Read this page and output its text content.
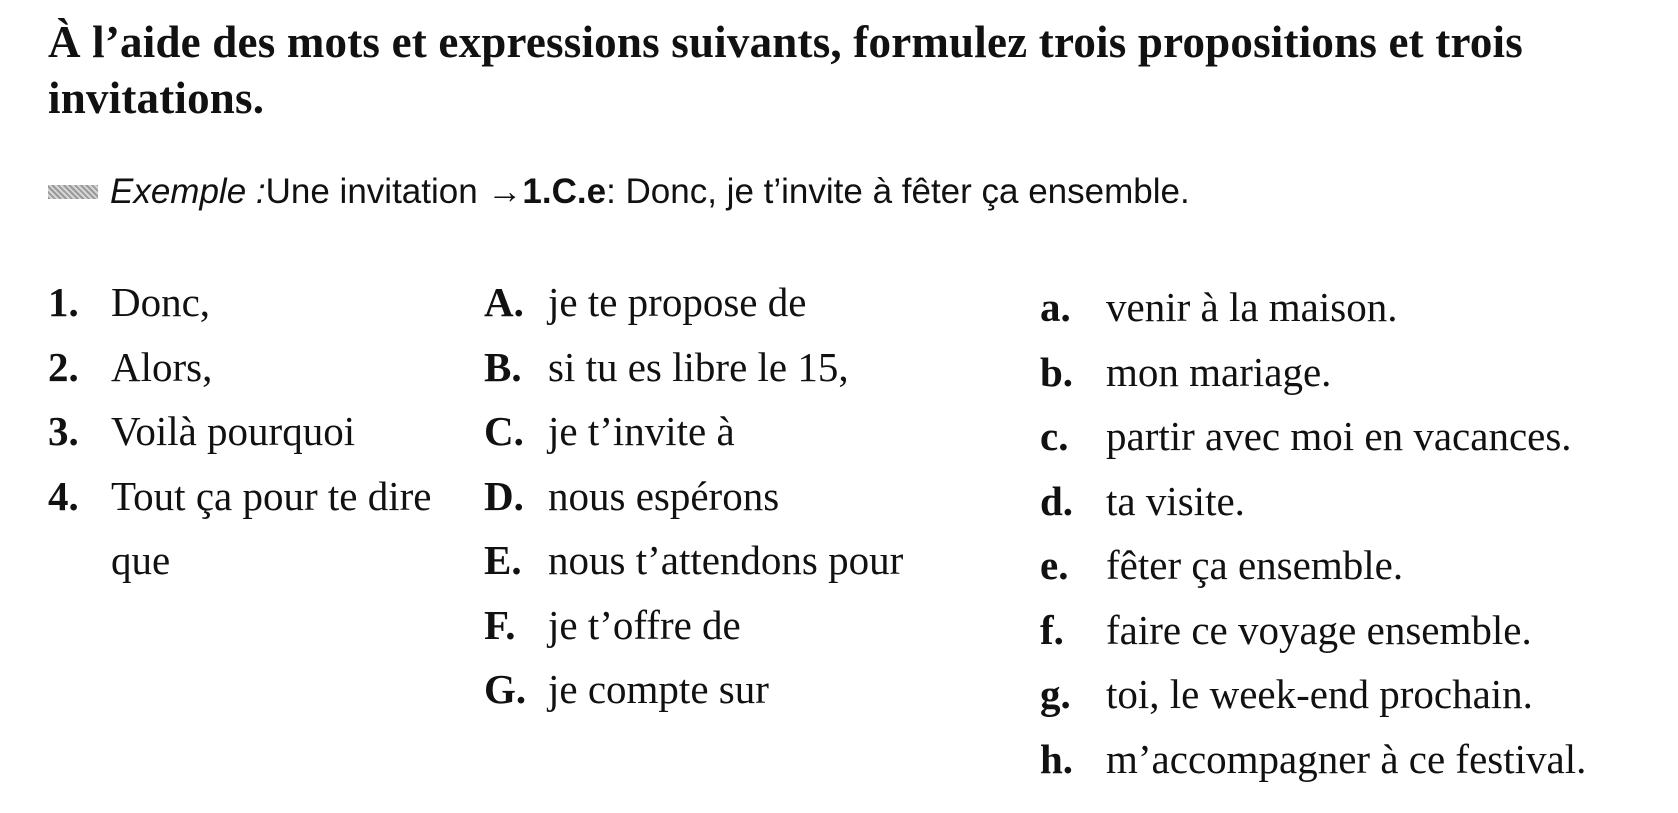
À l’aide des mots et expressions suivants, formulez trois propositions et trois invitations.

Exemple : Une invitation → 1.C.e : Donc, je t’invite à fêter ça ensemble.
1. Donc,
2. Alors,
3. Voilà pourquoi
4. Tout ça pour te dire que
A. je te propose de
B. si tu es libre le 15,
C. je t’invite à
D. nous espérons
E. nous t’attendons pour
F. je t’offre de
G. je compte sur
a. venir à la maison.
b. mon mariage.
c. partir avec moi en vacances.
d. ta visite.
e. fêter ça ensemble.
f. faire ce voyage ensemble.
g. toi, le week-end prochain.
h. m’accompagner à ce festival.
